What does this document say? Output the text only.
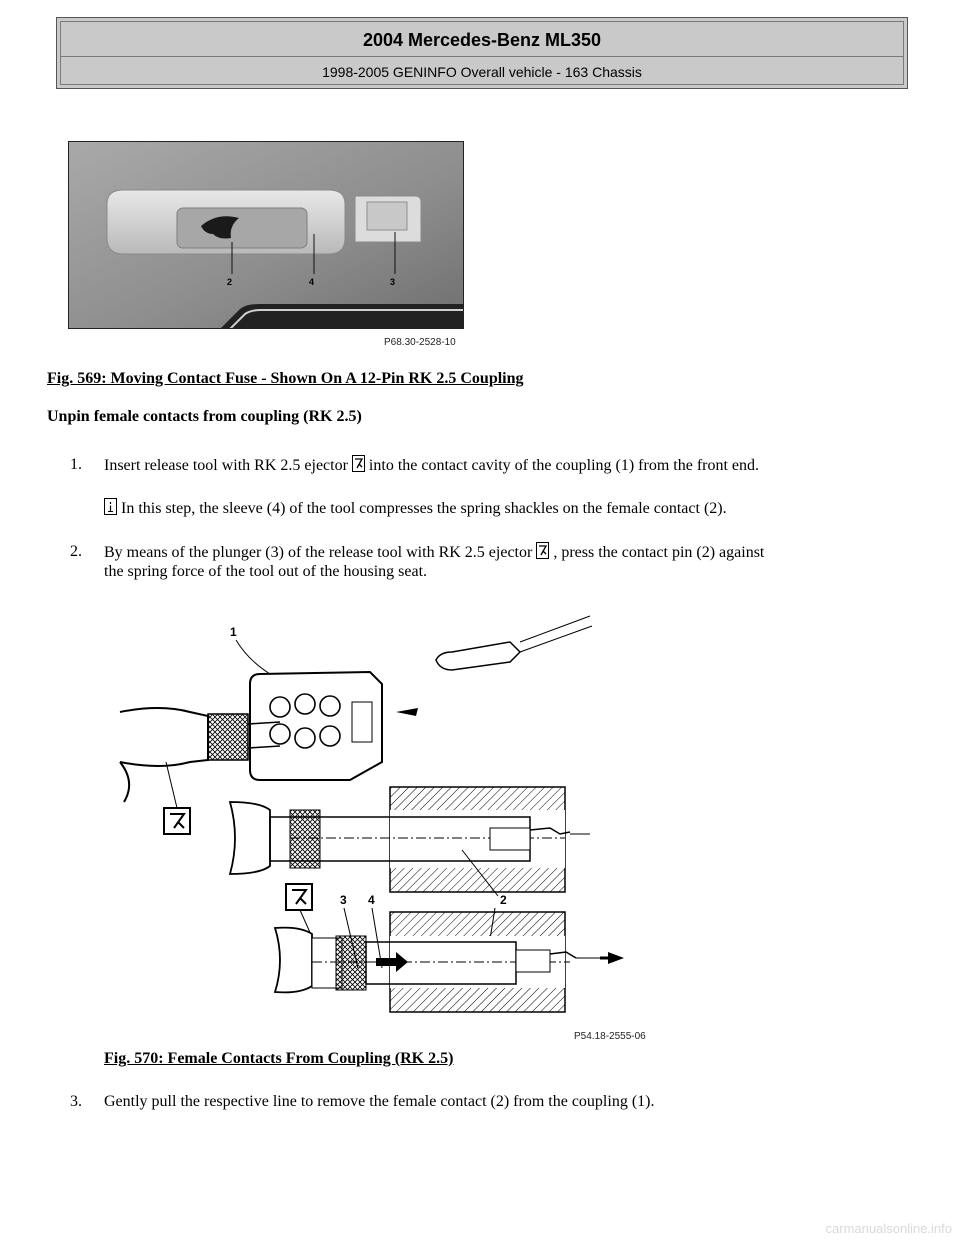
2004 Mercedes-Benz ML350
1998-2005 GENINFO Overall vehicle - 163 Chassis
2	4	3
P68.30-2528-10
Fig. 569: Moving Contact Fuse - Shown On A 12-Pin RK 2.5 Coupling
Unpin female contacts from coupling (RK 2.5)
1. Insert release tool with RK 2.5 ejector into the contact cavity of the coupling (1) from the front end.
In this step, the sleeve (4) of the tool compresses the spring shackles on the female contact (2).
2. By means of the plunger (3) of the release tool with RK 2.5 ejector , press the contact pin (2) against
the spring force of the tool out of the housing seat.
1
3 4	2
P54.18-2555-06
Fig. 570: Female Contacts From Coupling (RK 2.5)
3. Gently pull the respective line to remove the female contact (2) from the coupling (1).
carmanualsonline.info
